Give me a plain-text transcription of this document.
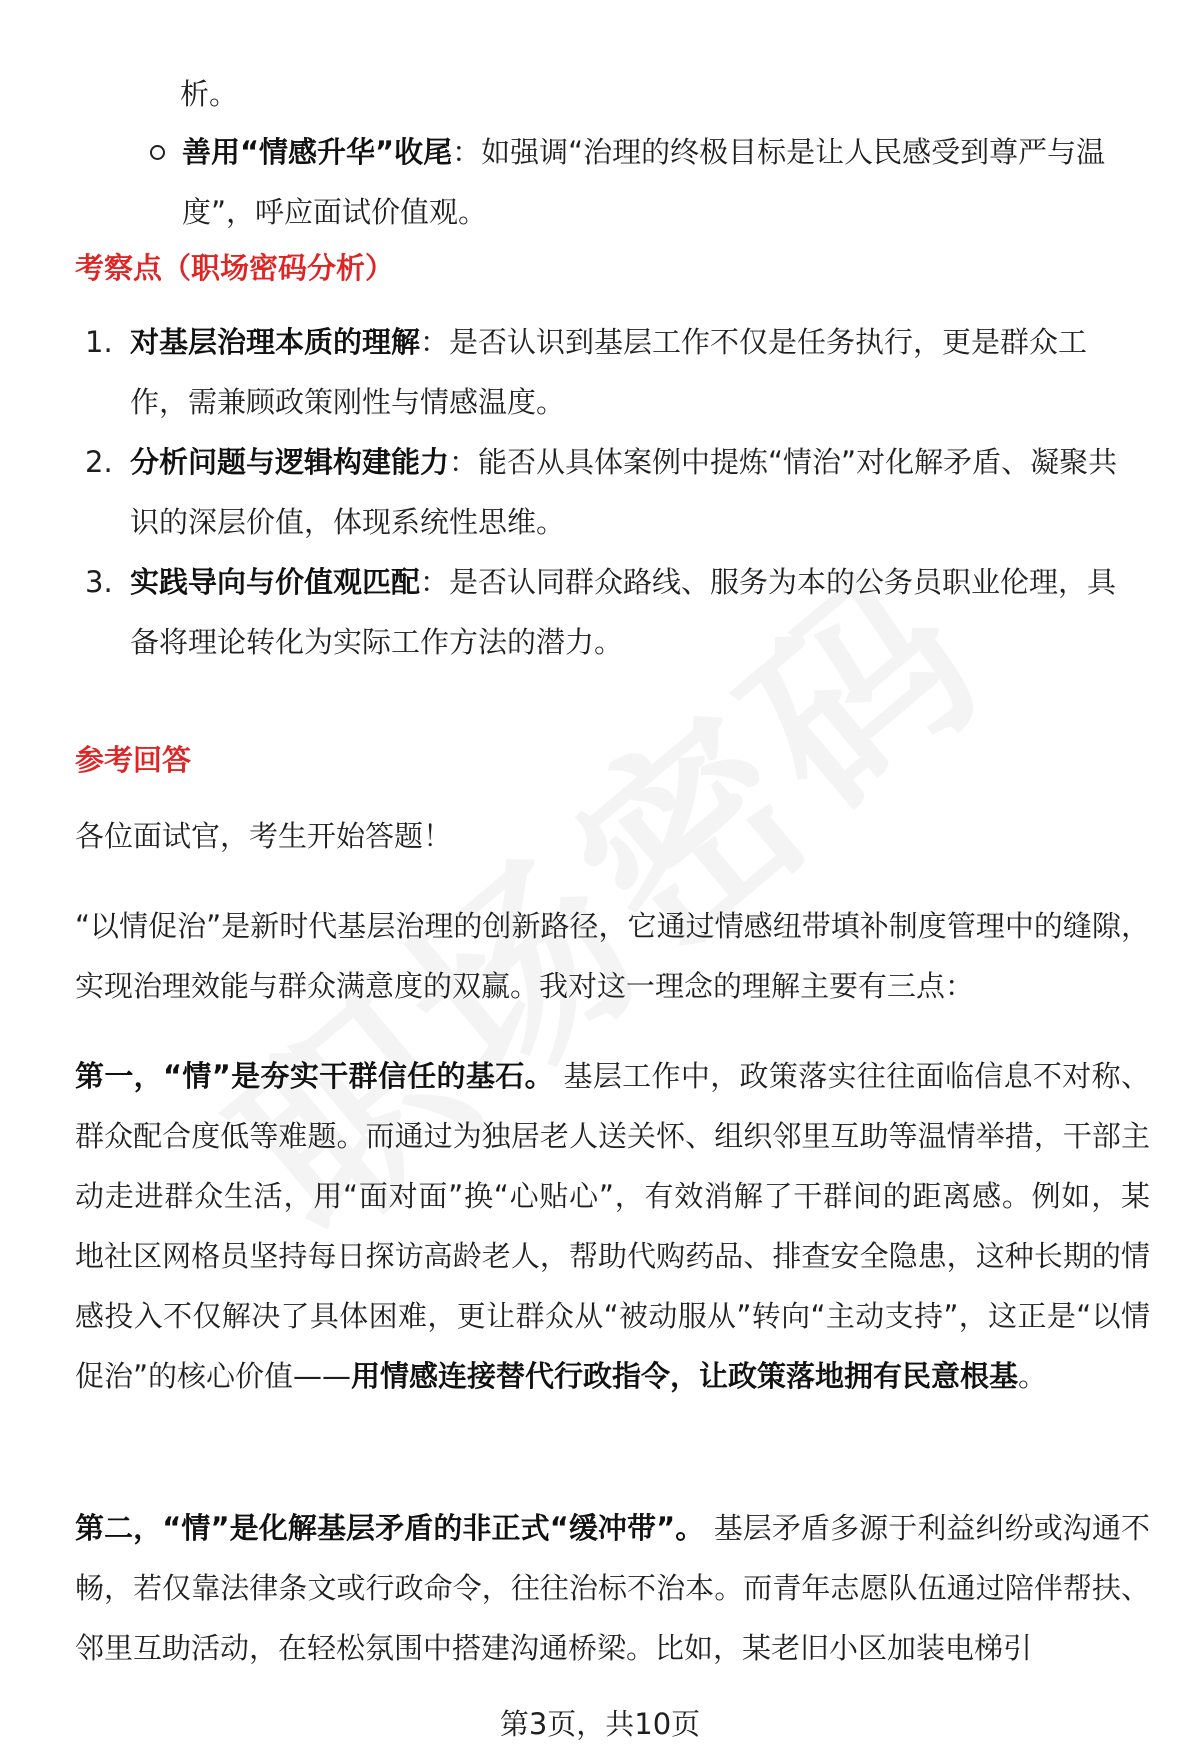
析。
善用“情感升华”收尾：如强调“治理的终极目标是让人民感受到尊严与温度”，呼应面试价值观。
考察点（职场密码分析）
1. 对基层治理本质的理解：是否认识到基层工作不仅是任务执行，更是群众工作，需兼顾政策刚性与情感温度。
2. 分析问题与逻辑构建能力：能否从具体案例中提炼“情治”对化解矛盾、凝聚共识的深层价值，体现系统性思维。
3. 实践导向与价值观匹配：是否认同群众路线、服务为本的公务员职业伦理，具备将理论转化为实际工作方法的潜力。
参考回答
各位面试官，考生开始答题！
“以情促治”是新时代基层治理的创新路径，它通过情感纽带填补制度管理中的缝隙，实现治理效能与群众满意度的双赢。我对这一理念的理解主要有三点：
第一，“情”是夯实干群信任的基石。 基层工作中，政策落实往往面临信息不对称、群众配合度低等难题。而通过为独居老人送关怀、组织邻里互助等温情举措，干部主动走进群众生活，用“面对面”换“心贴心”，有效消解了干群间的距离感。例如，某地社区网格员坚持每日探访高龄老人，帮助代购药品、排查安全隐患，这种长期的情感投入不仅解决了具体困难，更让群众从“被动服从”转向“主动支持”，这正是“以情促治”的核心价值——用情感连接替代行政指令，让政策落地拥有民意根基。
第二，“情”是化解基层矛盾的非正式“缓冲带”。 基层矛盾多源于利益纠纷或沟通不畅，若仅靠法律条文或行政命令，往往治标不治本。而青年志愿队伍通过陪伴帮扶、邻里互助活动，在轻松氛围中搭建沟通桥梁。比如，某老旧小区加装电梯引
第3页，共10页
